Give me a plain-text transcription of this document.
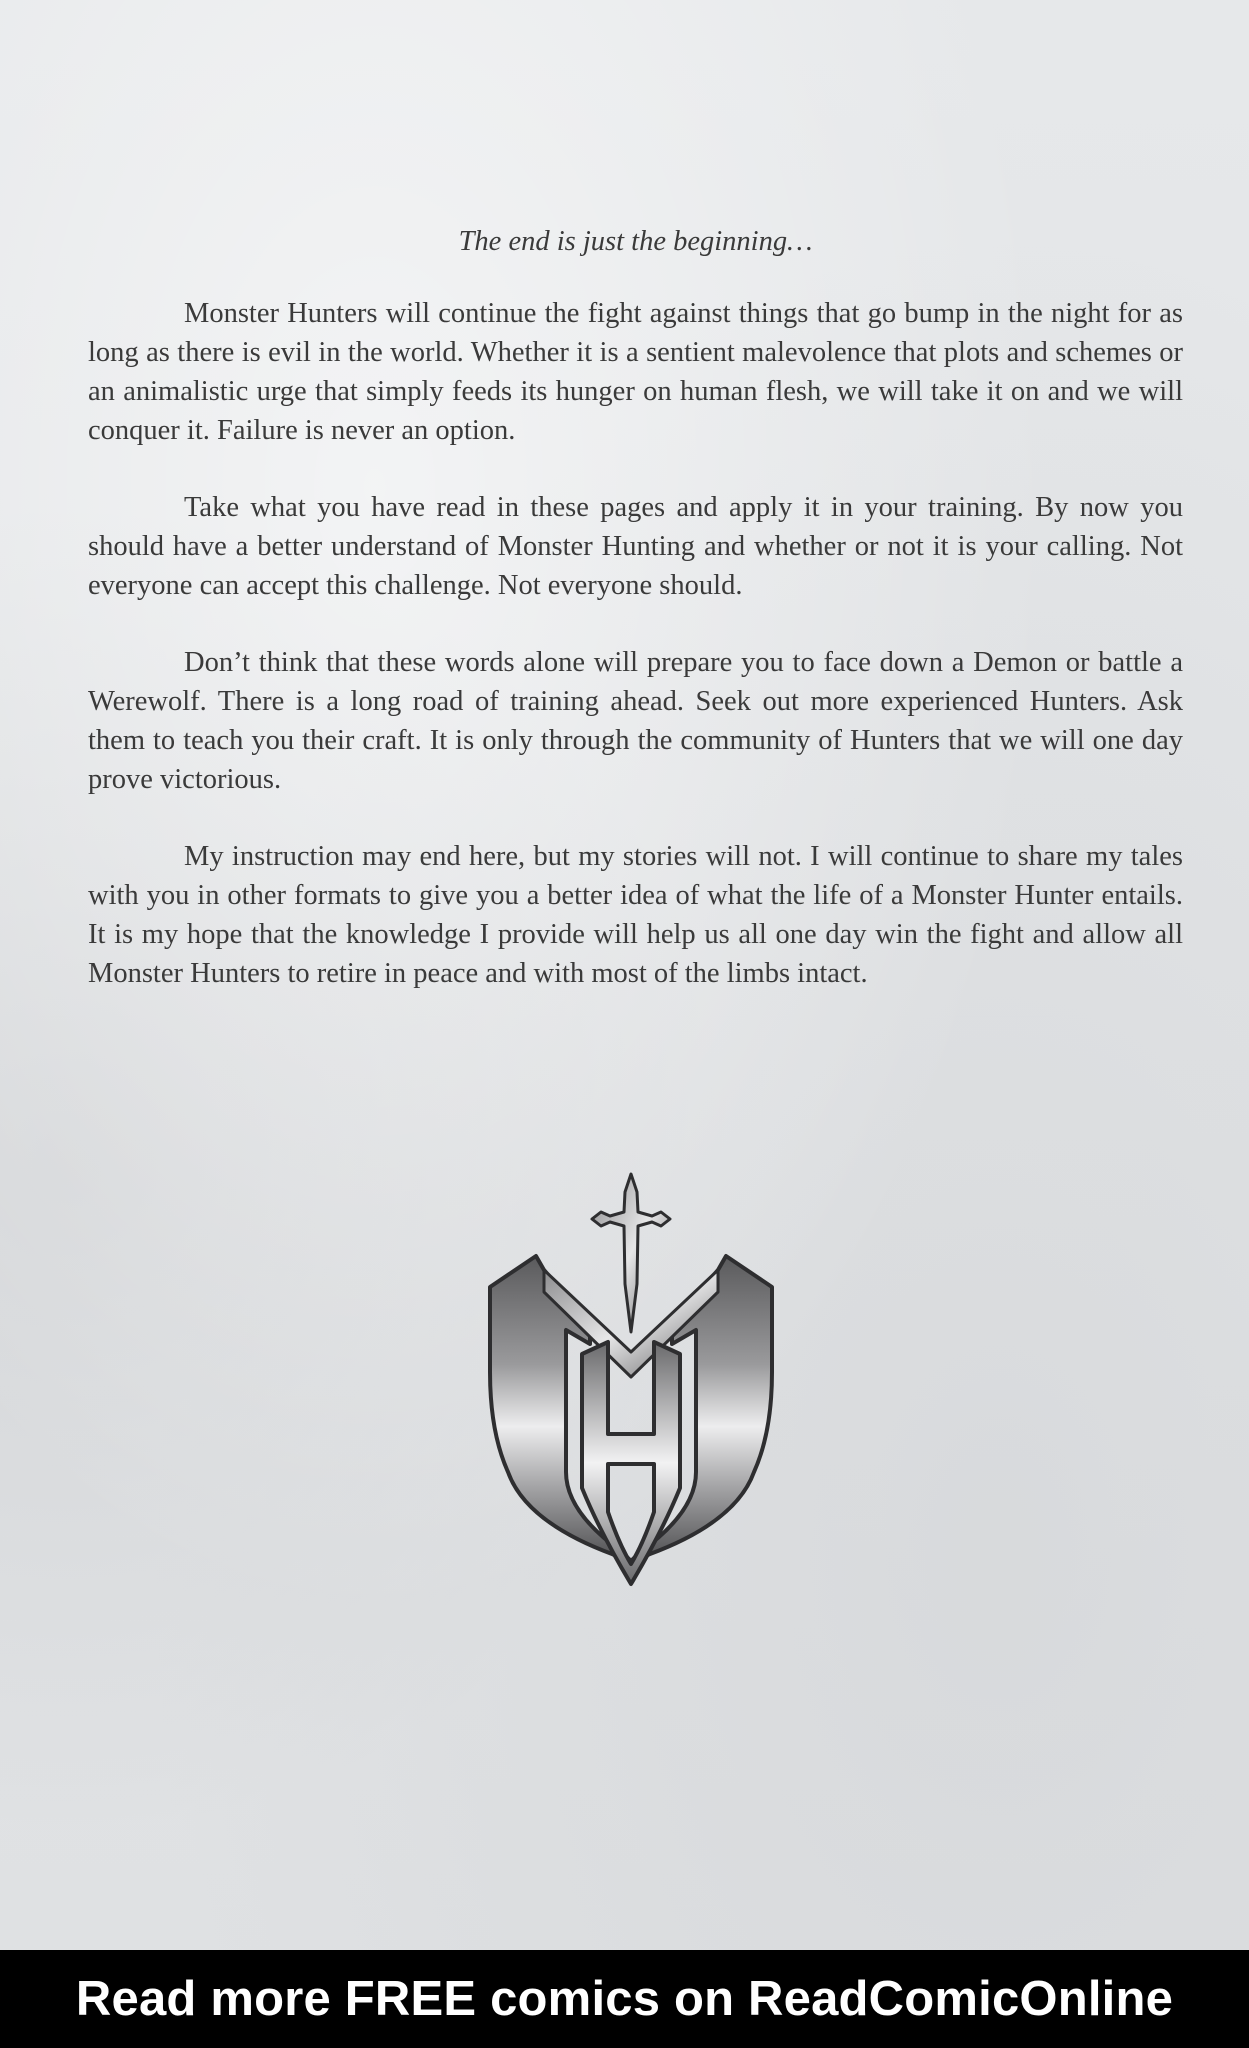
The end is just the beginning…

Monster Hunters will continue the fight against things that go bump in the night for as long as there is evil in the world. Whether it is a sentient malevolence that plots and schemes or an animalistic urge that simply feeds its hunger on human flesh, we will take it on and we will conquer it. Failure is never an option.

Take what you have read in these pages and apply it in your training. By now you should have a better understand of Monster Hunting and whether or not it is your calling. Not everyone can accept this challenge. Not everyone should.

Don’t think that these words alone will prepare you to face down a Demon or battle a Werewolf. There is a long road of training ahead. Seek out more experienced Hunters. Ask them to teach you their craft. It is only through the community of Hunters that we will one day prove victorious.

My instruction may end here, but my stories will not. I will continue to share my tales with you in other formats to give you a better idea of what the life of a Monster Hunter entails. It is my hope that the knowledge I provide will help us all one day win the fight and allow all Monster Hunters to retire in peace and with most of the limbs intact.

Read more FREE comics on ReadComicOnline
